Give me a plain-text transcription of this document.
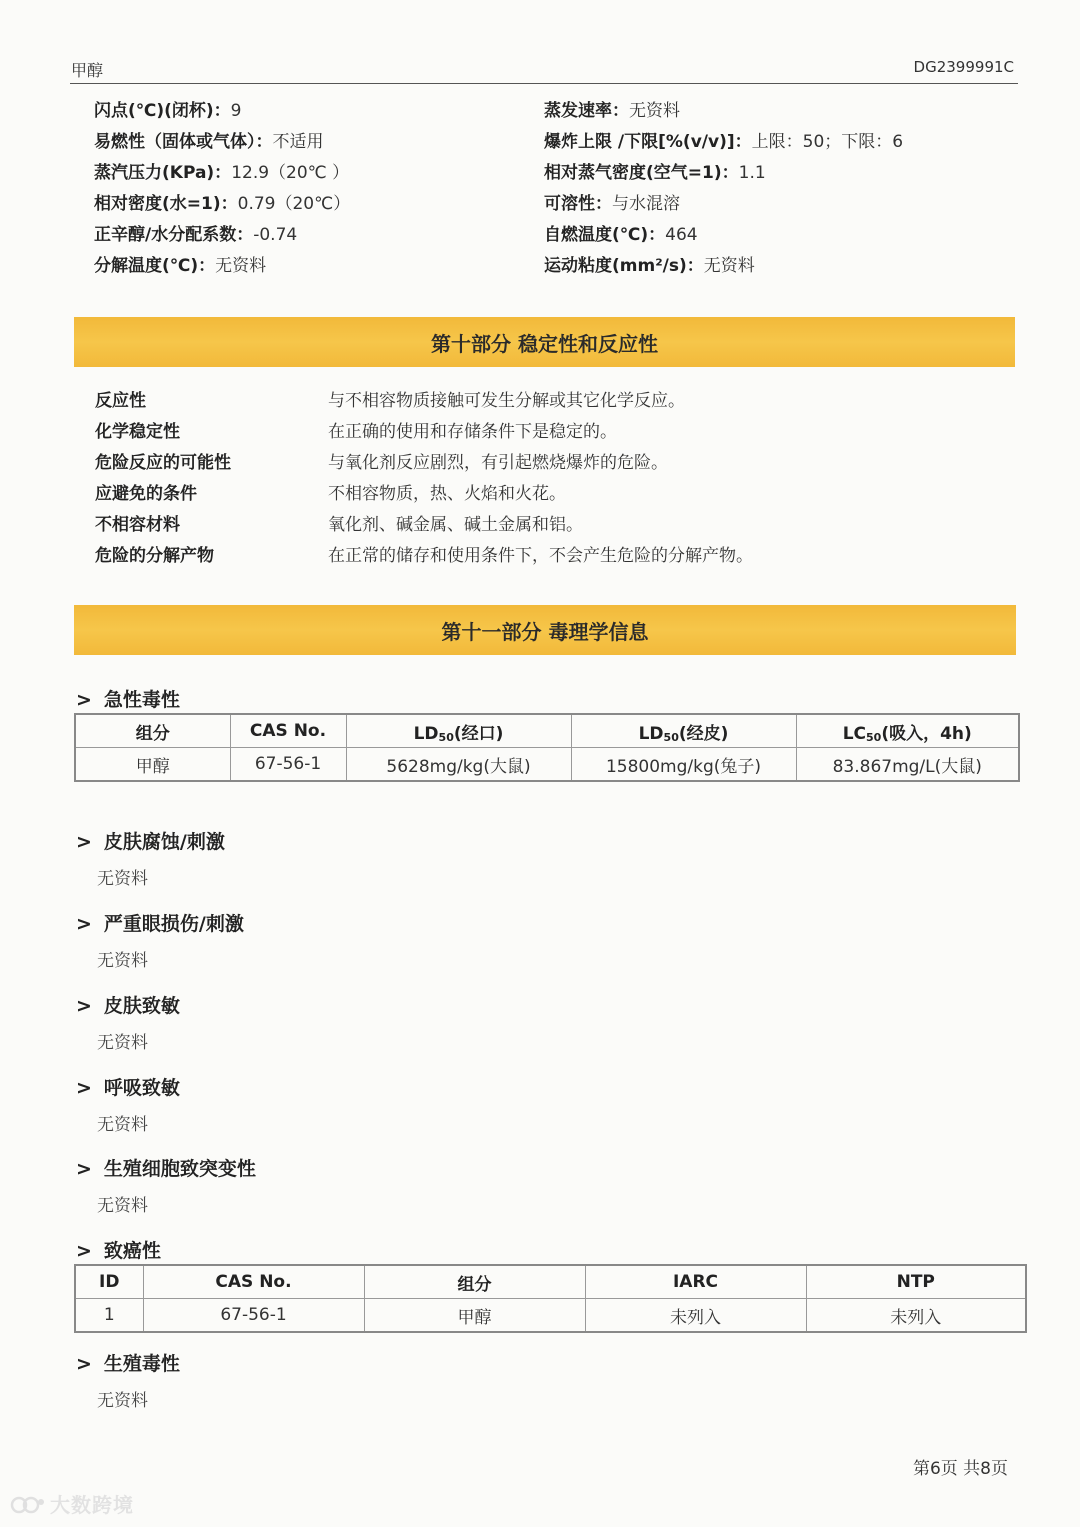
甲醇	DG2399991C
闪点(℃)(闭杯)：9	蒸发速率：无资料
易燃性（固体或气体）：不适用	爆炸上限 /下限[%(v/v)]：上限：50；下限：6
蒸汽压力(KPa)：12.9（20℃ ）	相对蒸气密度(空气=1)：1.1
相对密度(水=1)：0.79（20℃）	可溶性：与水混溶
正辛醇/水分配系数：-0.74	自燃温度(℃)：464
分解温度(℃)：无资料	运动粘度(mm²/s)：无资料
第十部分 稳定性和反应性
反应性	与不相容物质接触可发生分解或其它化学反应。
化学稳定性	在正确的使用和存储条件下是稳定的。
危险反应的可能性	与氧化剂反应剧烈，有引起燃烧爆炸的危险。
应避免的条件	不相容物质，热、火焰和火花。
不相容材料	氧化剂、碱金属、碱土金属和铝。
危险的分解产物	在正常的储存和使用条件下，不会产生危险的分解产物。
第十一部分 毒理学信息
> 急性毒性
组分	CAS No.	$LD_{50}$(经口)	$LD_{50}$(经皮)	$LC_{50}$(吸入，4h)
甲醇	67-56-1	5628mg/kg(大鼠)	15800mg/kg(兔子)	83.867mg/L(大鼠)
> 皮肤腐蚀/刺激
无资料
> 严重眼损伤/刺激
无资料
> 皮肤致敏
无资料
> 呼吸致敏
无资料
> 生殖细胞致突变性
无资料
> 致癌性
ID	CAS No.	组分	IARC	NTP
1	67-56-1	甲醇	未列入	未列入
> 生殖毒性
无资料
第6页 共8页
大数跨境
